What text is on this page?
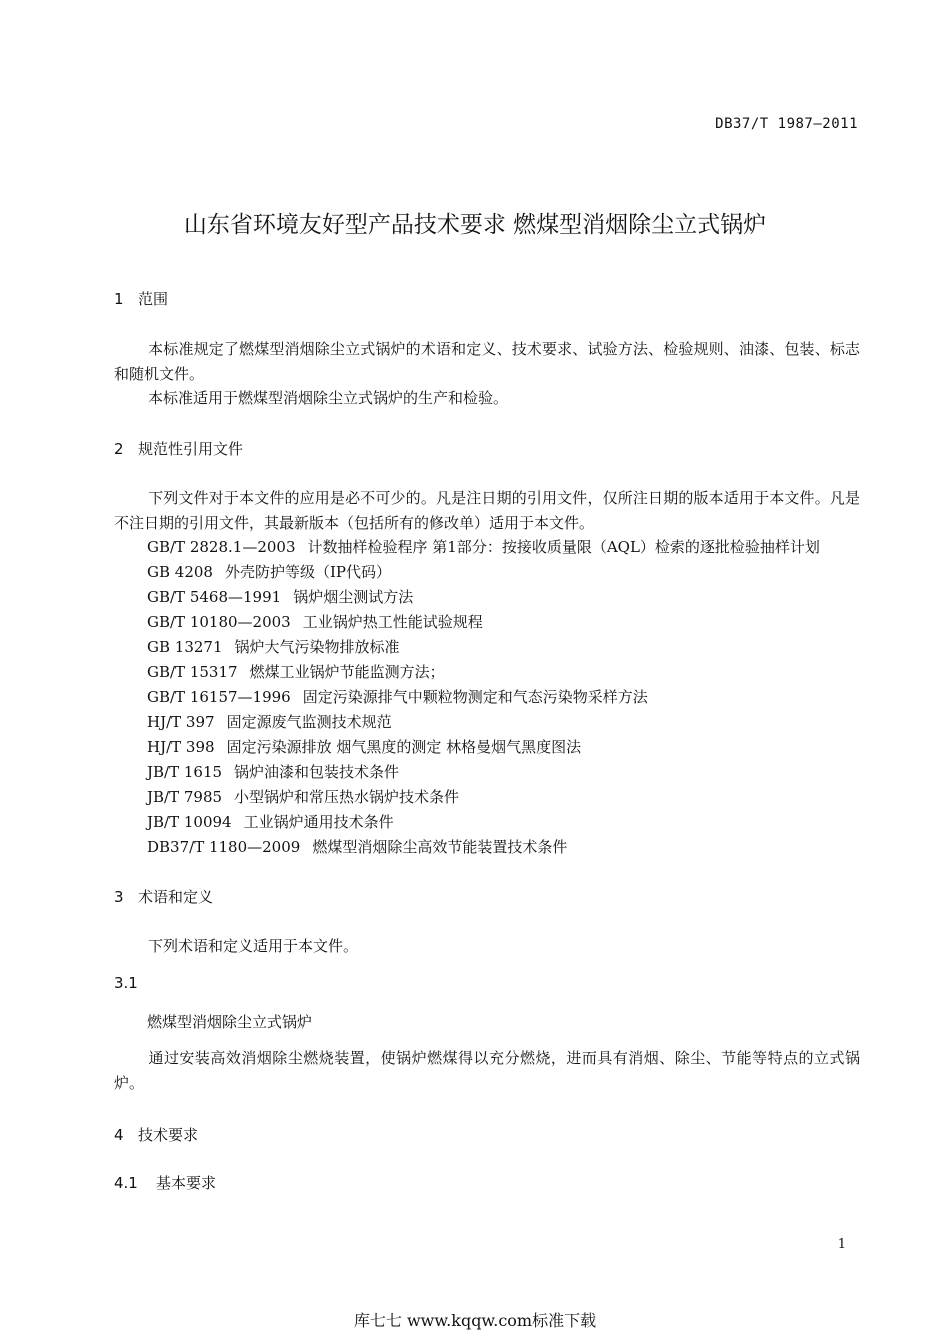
DB37/T 1987—2011
山东省环境友好型产品技术要求 燃煤型消烟除尘立式锅炉
1 范围
本标准规定了燃煤型消烟除尘立式锅炉的术语和定义、技术要求、试验方法、检验规则、油漆、包装、标志和随机文件。
本标准适用于燃煤型消烟除尘立式锅炉的生产和检验。
2 规范性引用文件
下列文件对于本文件的应用是必不可少的。凡是注日期的引用文件，仅所注日期的版本适用于本文件。凡是不注日期的引用文件，其最新版本（包括所有的修改单）适用于本文件。
GB/T 2828.1—2003 计数抽样检验程序 第1部分：按接收质量限（AQL）检索的逐批检验抽样计划
GB 4208 外壳防护等级（IP代码）
GB/T 5468—1991 锅炉烟尘测试方法
GB/T 10180—2003 工业锅炉热工性能试验规程
GB 13271 锅炉大气污染物排放标准
GB/T 15317 燃煤工业锅炉节能监测方法；
GB/T 16157—1996 固定污染源排气中颗粒物测定和气态污染物采样方法
HJ/T 397 固定源废气监测技术规范
HJ/T 398 固定污染源排放 烟气黑度的测定 林格曼烟气黑度图法
JB/T 1615 锅炉油漆和包装技术条件
JB/T 7985 小型锅炉和常压热水锅炉技术条件
JB/T 10094 工业锅炉通用技术条件
DB37/T 1180—2009 燃煤型消烟除尘高效节能装置技术条件
3 术语和定义
下列术语和定义适用于本文件。
3.1
燃煤型消烟除尘立式锅炉
通过安装高效消烟除尘燃烧装置，使锅炉燃煤得以充分燃烧，进而具有消烟、除尘、节能等特点的立式锅炉。
4 技术要求
4.1 基本要求
1
库七七 www.kqqw.com标准下载
